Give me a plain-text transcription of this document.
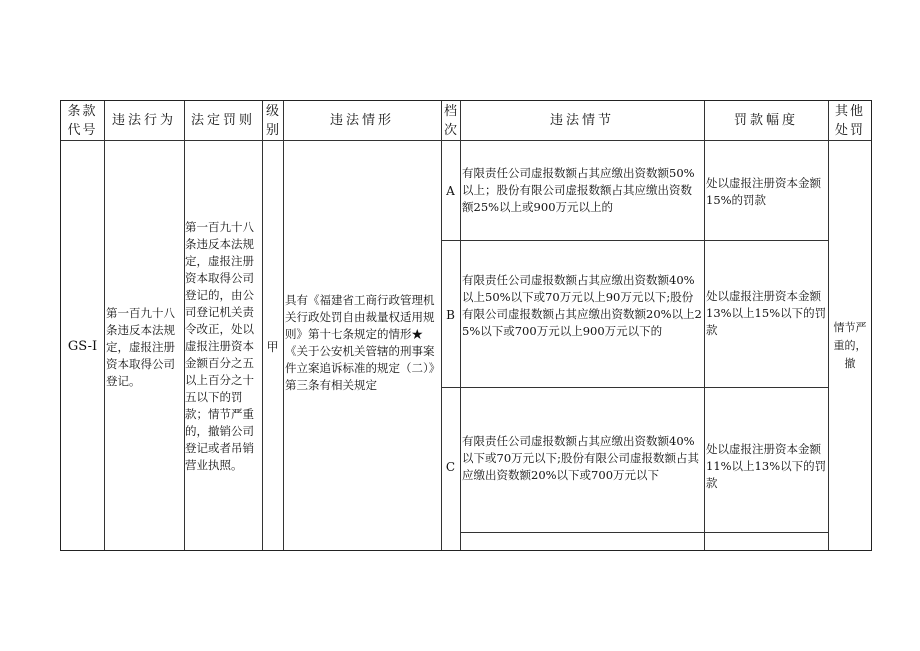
条款代号
违法行为	法定罚则
级别
违法情形
档次
违法情节	罚款幅度
其他处罚
GS-I
第一百九十八条违反本法规定，虚报注册资本取得公司登记。
第一百九十八条违反本法规定，虚报注册资本取得公司登记的，由公司登记机关责令改正，处以虚报注册资本金额百分之五以上百分之十五以下的罚款；情节严重的，撤销公司登记或者吊销营业执照。
甲
具有《福建省工商行政管理机关行政处罚自由裁量权适用规则》第十七条规定的情形★《关于公安机关管辖的刑事案件立案追诉标准的规定（二）》第三条有相关规定
情节严重的，撤
A
有限责任公司虚报数额占其应缴出资数额50%以上；股份有限公司虚报数额占其应缴出资数额25%以上或900万元以上的
处以虚报注册资本金额15%的罚款
B
有限责任公司虚报数额占其应缴出资数额40%以上50%以下或70万元以上90万元以下;股份有限公司虚报数额占其应缴出资数额20%以上25%以下或700万元以上900万元以下的
处以虚报注册资本金额13%以上15%以下的罚款
C
有限责任公司虚报数额占其应缴出资数额40%以下或70万元以下;股份有限公司虚报数额占其应缴出资数额20%以下或700万元以下
处以虚报注册资本金额11%以上13%以下的罚款
